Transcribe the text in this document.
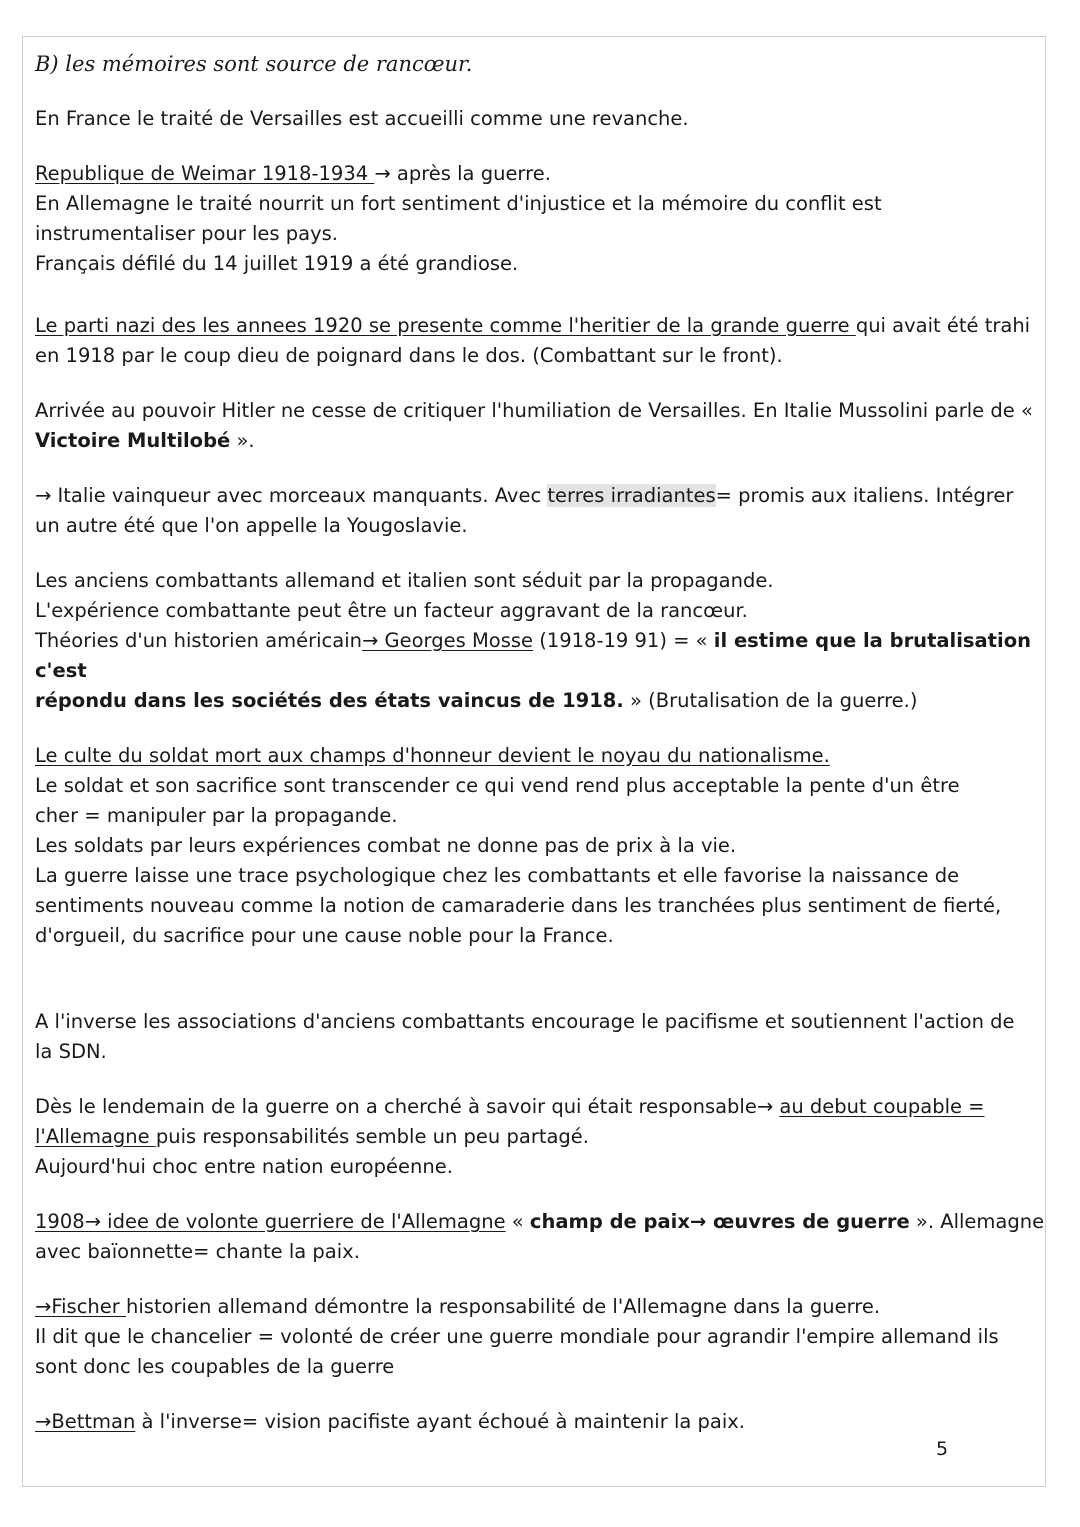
B) les mémoires sont source de rancœur.

En France le traité de Versailles est accueilli comme une revanche.

Republique de Weimar 1918-1934 → après la guerre.

En Allemagne le traité nourrit un fort sentiment d'injustice et la mémoire du conflit est

instrumentaliser pour les pays.

Français défilé du 14 juillet 1919 a été grandiose.

Le parti nazi des les annees 1920 se presente comme l'heritier de la grande guerre qui avait été trahi

en 1918 par le coup dieu de poignard dans le dos. (Combattant sur le front).

Arrivée au pouvoir Hitler ne cesse de critiquer l'humiliation de Versailles. En Italie Mussolini parle de «

Victoire Multilobé ».

→ Italie vainqueur avec morceaux manquants. Avec terres irradiantes= promis aux italiens. Intégrer

un autre été que l'on appelle la Yougoslavie.

Les anciens combattants allemand et italien sont séduit par la propagande.

L'expérience combattante peut être un facteur aggravant de la rancœur.

Théories d'un historien américain→ Georges Mosse (1918-19 91) = « il estime que la brutalisation c'est

répondu dans les sociétés des états vaincus de 1918. » (Brutalisation de la guerre.)

Le culte du soldat mort aux champs d'honneur devient le noyau du nationalisme.

Le soldat et son sacrifice sont transcender ce qui vend rend plus acceptable la pente d'un être

cher = manipuler par la propagande.

Les soldats par leurs expériences combat ne donne pas de prix à la vie.

La guerre laisse une trace psychologique chez les combattants et elle favorise la naissance de

sentiments nouveau comme la notion de camaraderie dans les tranchées plus sentiment de fierté,

d'orgueil, du sacrifice pour une cause noble pour la France.

A l'inverse les associations d'anciens combattants encourage le pacifisme et soutiennent l'action de

la SDN.

Dès le lendemain de la guerre on a cherché à savoir qui était responsable→ au debut coupable =

l'Allemagne puis responsabilités semble un peu partagé.

Aujourd'hui choc entre nation européenne.

1908→ idee de volonte guerriere de l'Allemagne « champ de paix→ œuvres de guerre ». Allemagne

avec baïonnette= chante la paix.

→Fischer historien allemand démontre la responsabilité de l'Allemagne dans la guerre.

Il dit que le chancelier = volonté de créer une guerre mondiale pour agrandir l'empire allemand ils

sont donc les coupables de la guerre

→Bettman à l'inverse= vision pacifiste ayant échoué à maintenir la paix.

5
